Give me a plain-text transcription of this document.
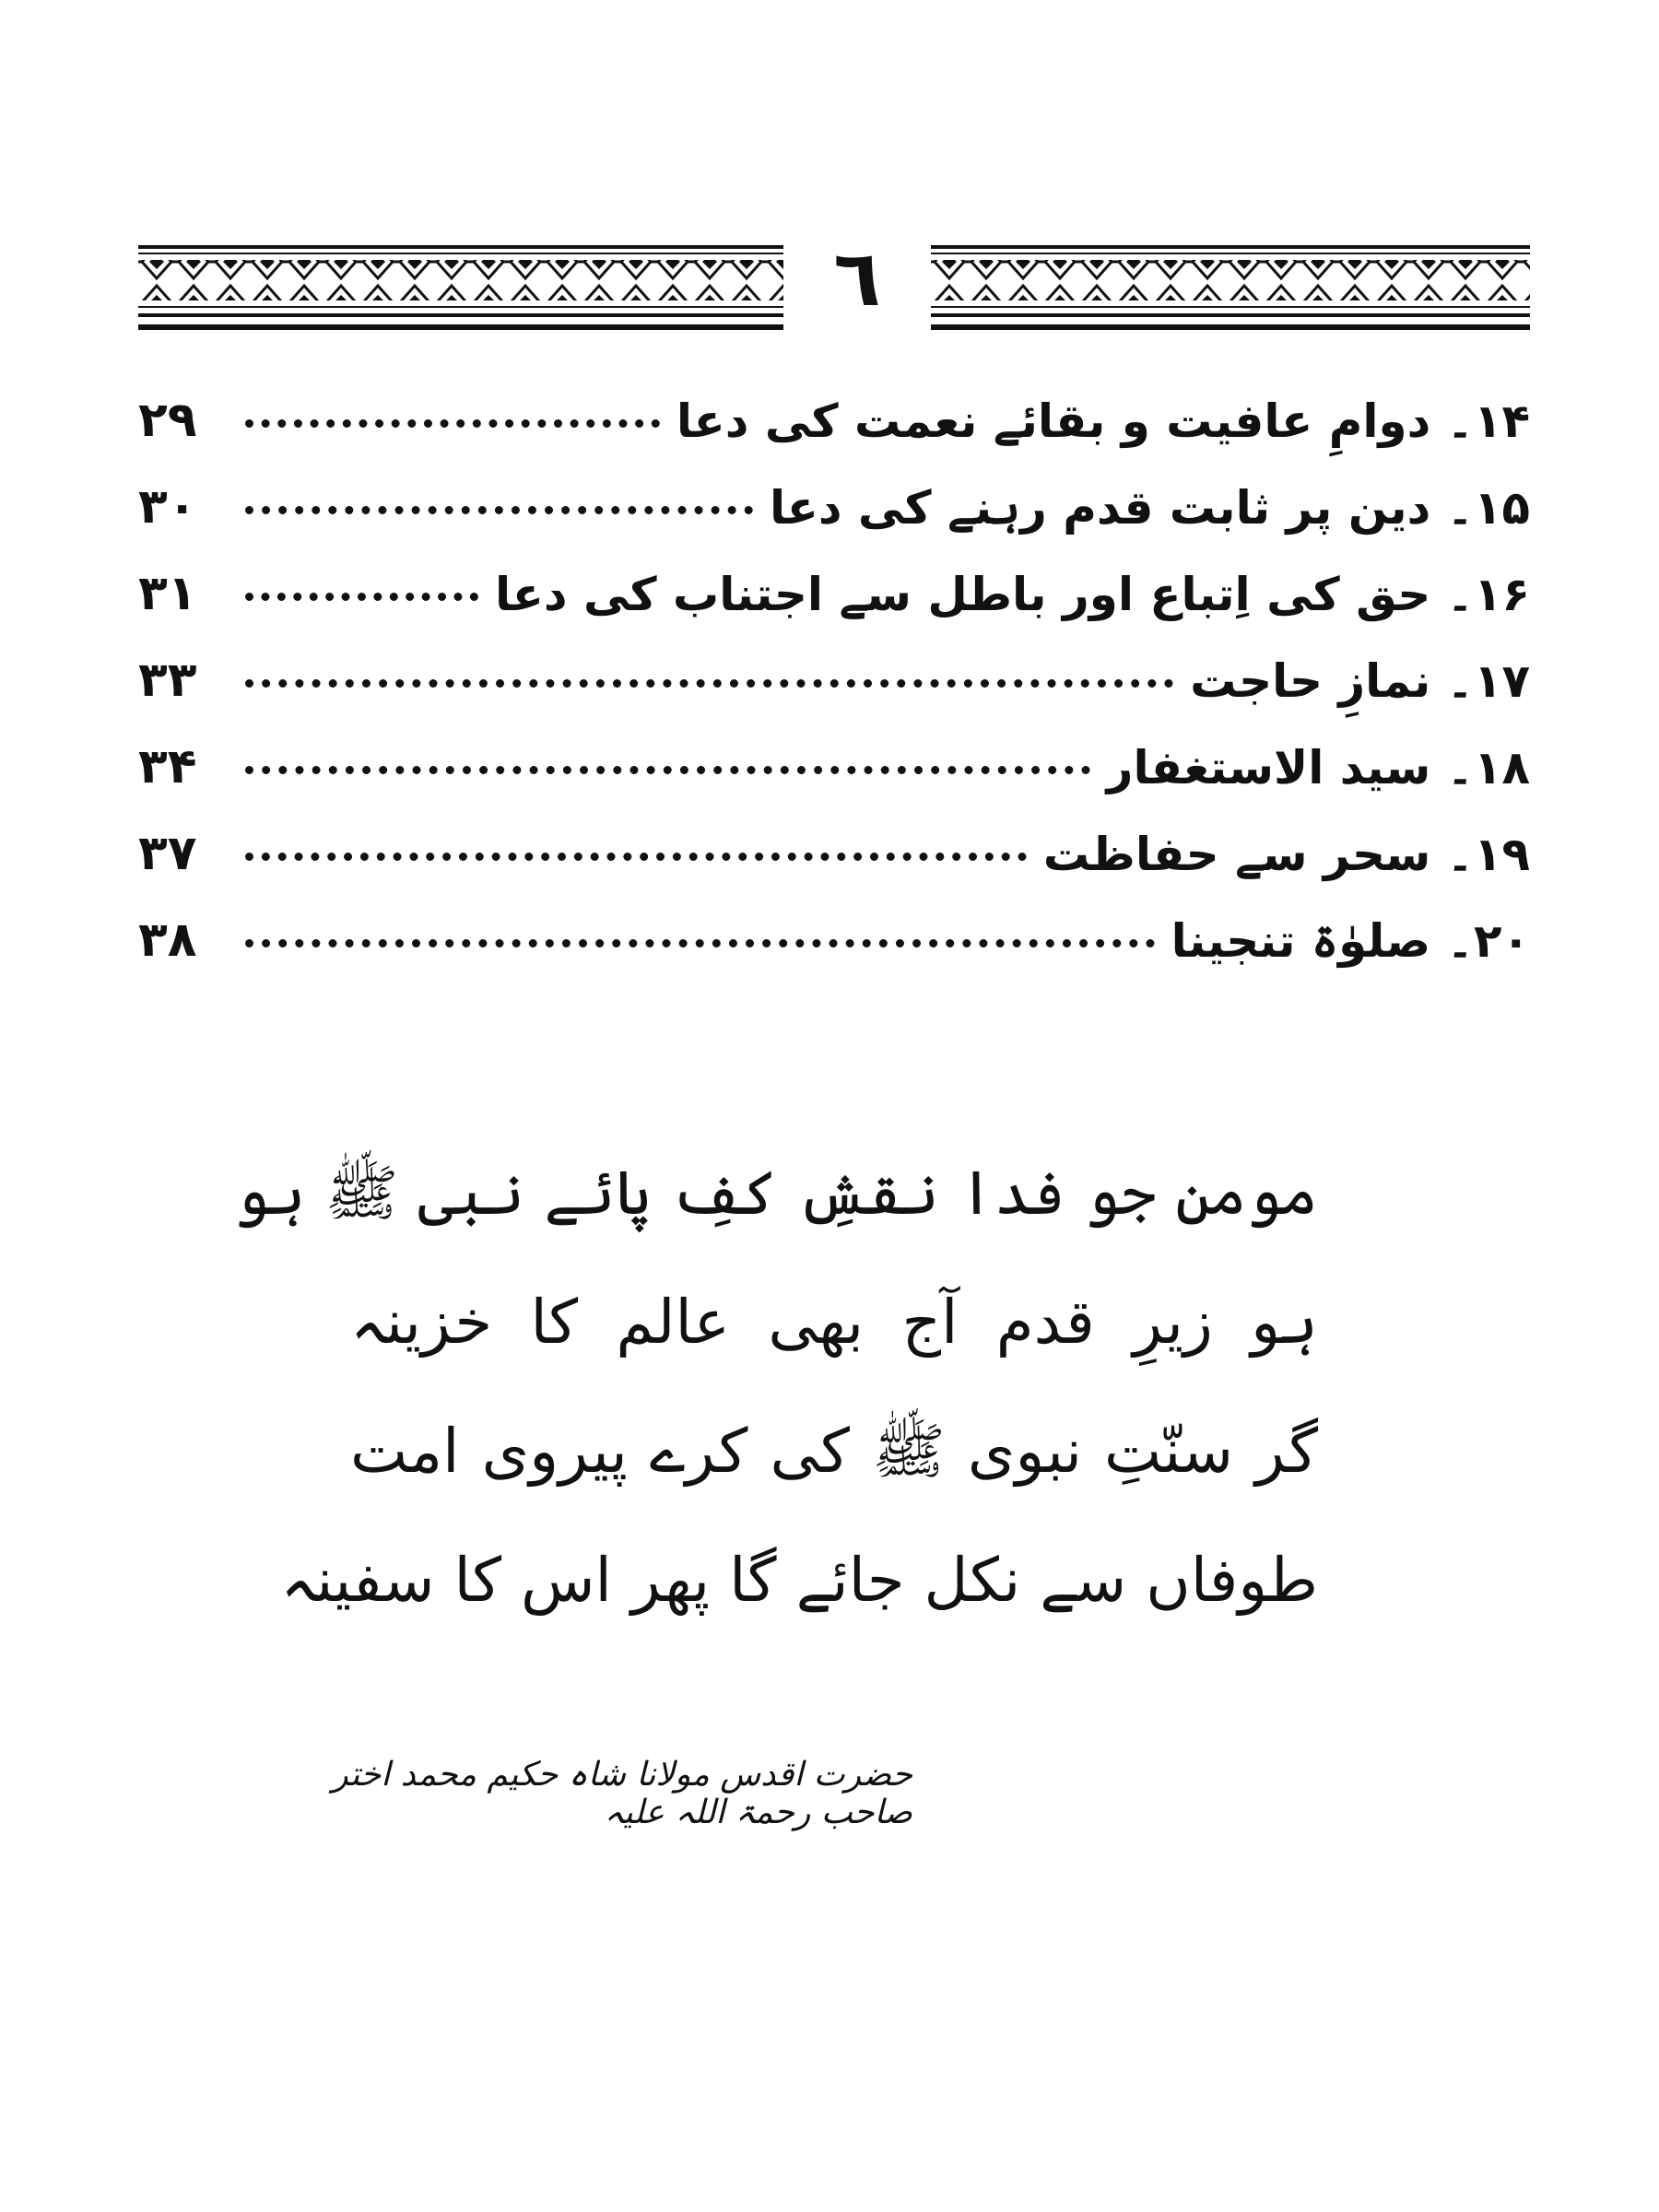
٦
۱۴۔ دوامِ عافیت و بقائے نعمت کی دعا
۲۹
۱۵۔ دین پر ثابت قدم رہنے کی دعا
۳۰
۱۶۔ حق کی اِتباع اور باطل سے اجتناب کی دعا
۳۱
۱۷۔ نمازِ حاجت
۳۳
۱۸۔ سید الاستغفار
۳۴
۱۹۔ سحر سے حفاظت
۳۷
۲۰۔ صلوٰۃ تنجینا
۳۸
مومن جو فدا نقشِ کفِ پائے نبی ﷺ ہو
ہو زیرِ قدم آج بھی عالم کا خزینہ
گر سنّتِ نبوی ﷺ کی کرے پیروی امت
طوفاں سے نکل جائے گا پھر اس کا سفینہ
حضرت اقدس مولانا شاہ حکیم محمد اختر صاحب رحمۃ اللہ علیہ
